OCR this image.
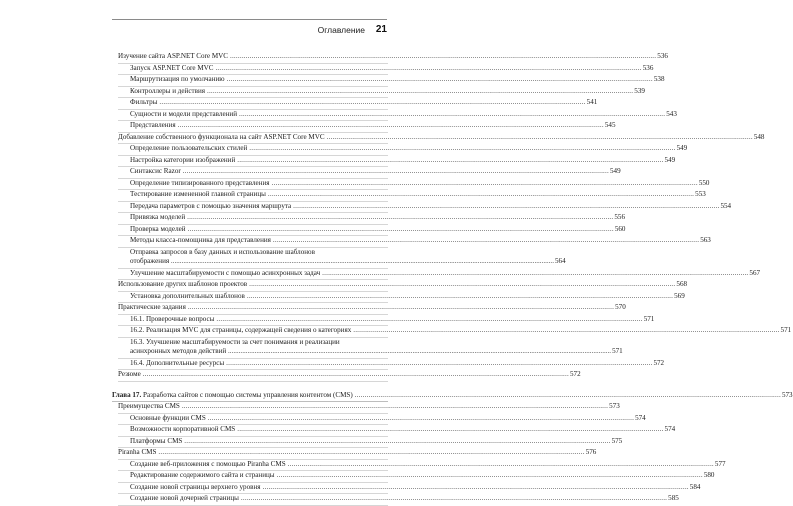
Оглавление 21
Изучение сайта ASP.NET Core MVC .....	536
Запуск ASP.NET Core MVC .....	536
Маршрутизация по умолчанию .....	538
Контроллеры и действия .....	539
Фильтры .....	541
Сущности и модели представлений .....	543
Представления .....	545
Добавление собственного функционала на сайт ASP.NET Core MVC .....	548
Определение пользовательских стилей .....	549
Настройка категории изображений .....	549
Синтаксис Razor .....	549
Определение типизированного представления .....	550
Тестирование измененной главной страницы .....	553
Передача параметров с помощью значения маршрута .....	554
Привязка моделей .....	556
Проверка моделей .....	560
Методы класса-помощника для представления .....	563
Отправка запросов в базу данных и использование шаблонов
отображения .....	564
Улучшение масштабируемости с помощью асинхронных задач .....	567
Использование других шаблонов проектов .....	568
Установка дополнительных шаблонов .....	569
Практические задания .....	570
16.1. Проверочные вопросы .....	571
16.2. Реализация MVC для страницы, содержащей сведения о категориях .....	571
16.3. Улучшение масштабируемости за счет понимания и реализации
асинхронных методов действий .....	571
16.4. Дополнительные ресурсы .....	572
Резюме .....	572
Глава 17. Разработка сайтов с помощью системы управления контентом (CMS) .....	573
Преимущества CMS .....	573
Основные функции CMS .....	574
Возможности корпоративной CMS .....	574
Платформы CMS .....	575
Piranha CMS .....	576
Создание веб-приложения с помощью Piranha CMS .....	577
Редактирование содержимого сайта и страницы .....	580
Создание новой страницы верхнего уровня .....	584
Создание новой дочерней страницы .....	585
